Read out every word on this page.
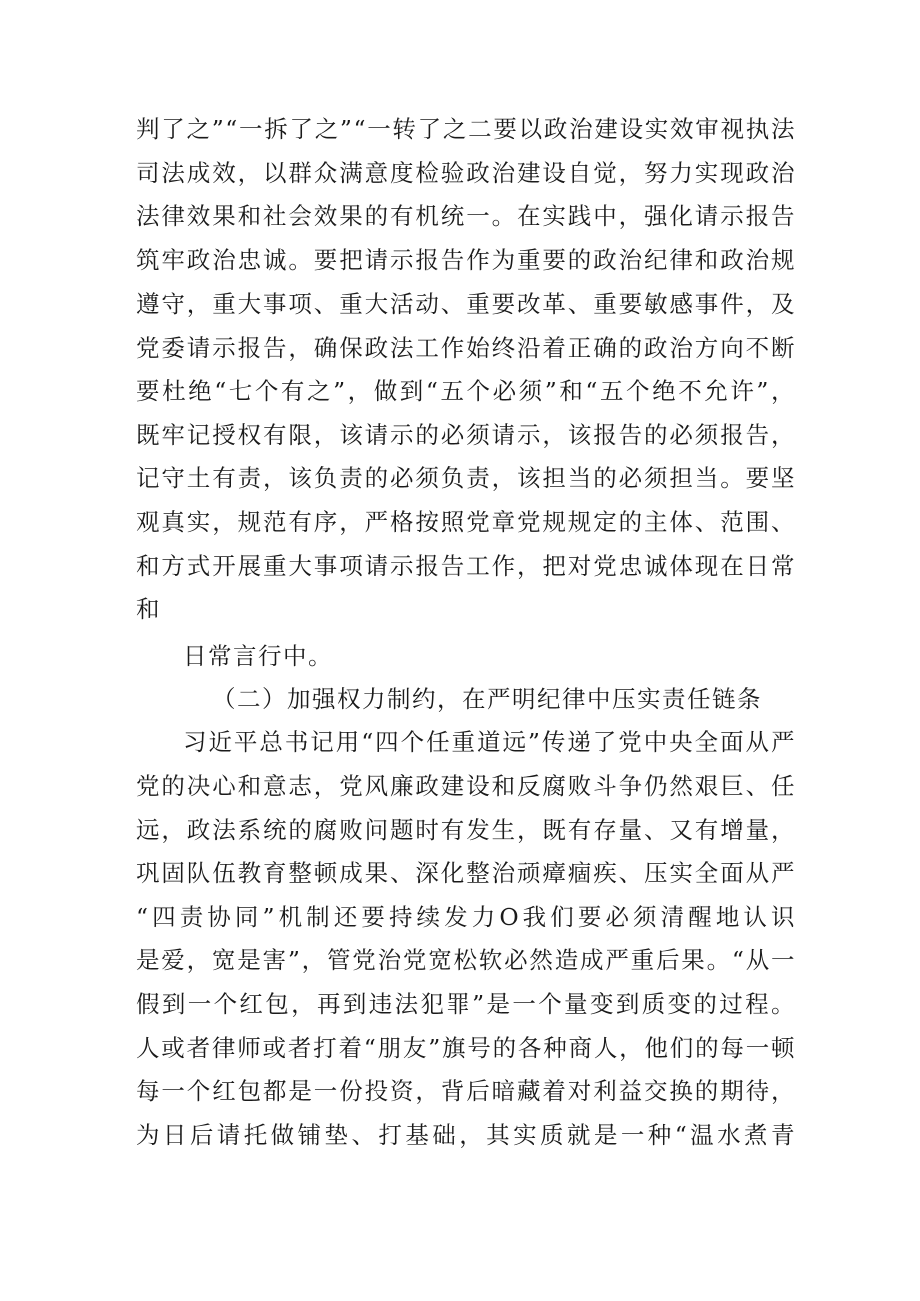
判了之”“一拆了之”“一转了之二要以政治建设实效审视执法
司法成效，以群众满意度检验政治建设自觉，努力实现政治
法律效果和社会效果的有机统一。在实践中，强化请示报告
筑牢政治忠诚。要把请示报告作为重要的政治纪律和政治规
遵守，重大事项、重大活动、重要改革、重要敏感事件，及
党委请示报告，确保政法工作始终沿着正确的政治方向不断
要杜绝“七个有之”，做到“五个必须”和“五个绝不允许”，
既牢记授权有限，该请示的必须请示，该报告的必须报告，
记守土有责，该负责的必须负责，该担当的必须担当。要坚
观真实，规范有序，严格按照党章党规规定的主体、范围、
和方式开展重大事项请示报告工作，把对党忠诚体现在日常
和
日常言行中。
（二）加强权力制约，在严明纪律中压实责任链条
习近平总书记用“四个任重道远”传递了党中央全面从严
党的决心和意志，党风廉政建设和反腐败斗争仍然艰巨、任
远，政法系统的腐败问题时有发生，既有存量、又有增量，
巩固队伍教育整顿成果、深化整治顽瘴痼疾、压实全面从严
“四责协同”机制还要持续发力O我们要必须清醒地认识
是爱，宽是害”，管党治党宽松软必然造成严重后果。“从一
假到一个红包，再到违法犯罪”是一个量变到质变的过程。
人或者律师或者打着“朋友”旗号的各种商人，他们的每一顿
每一个红包都是一份投资，背后暗藏着对利益交换的期待，
为日后请托做铺垫、打基础，其实质就是一种“温水煮青
